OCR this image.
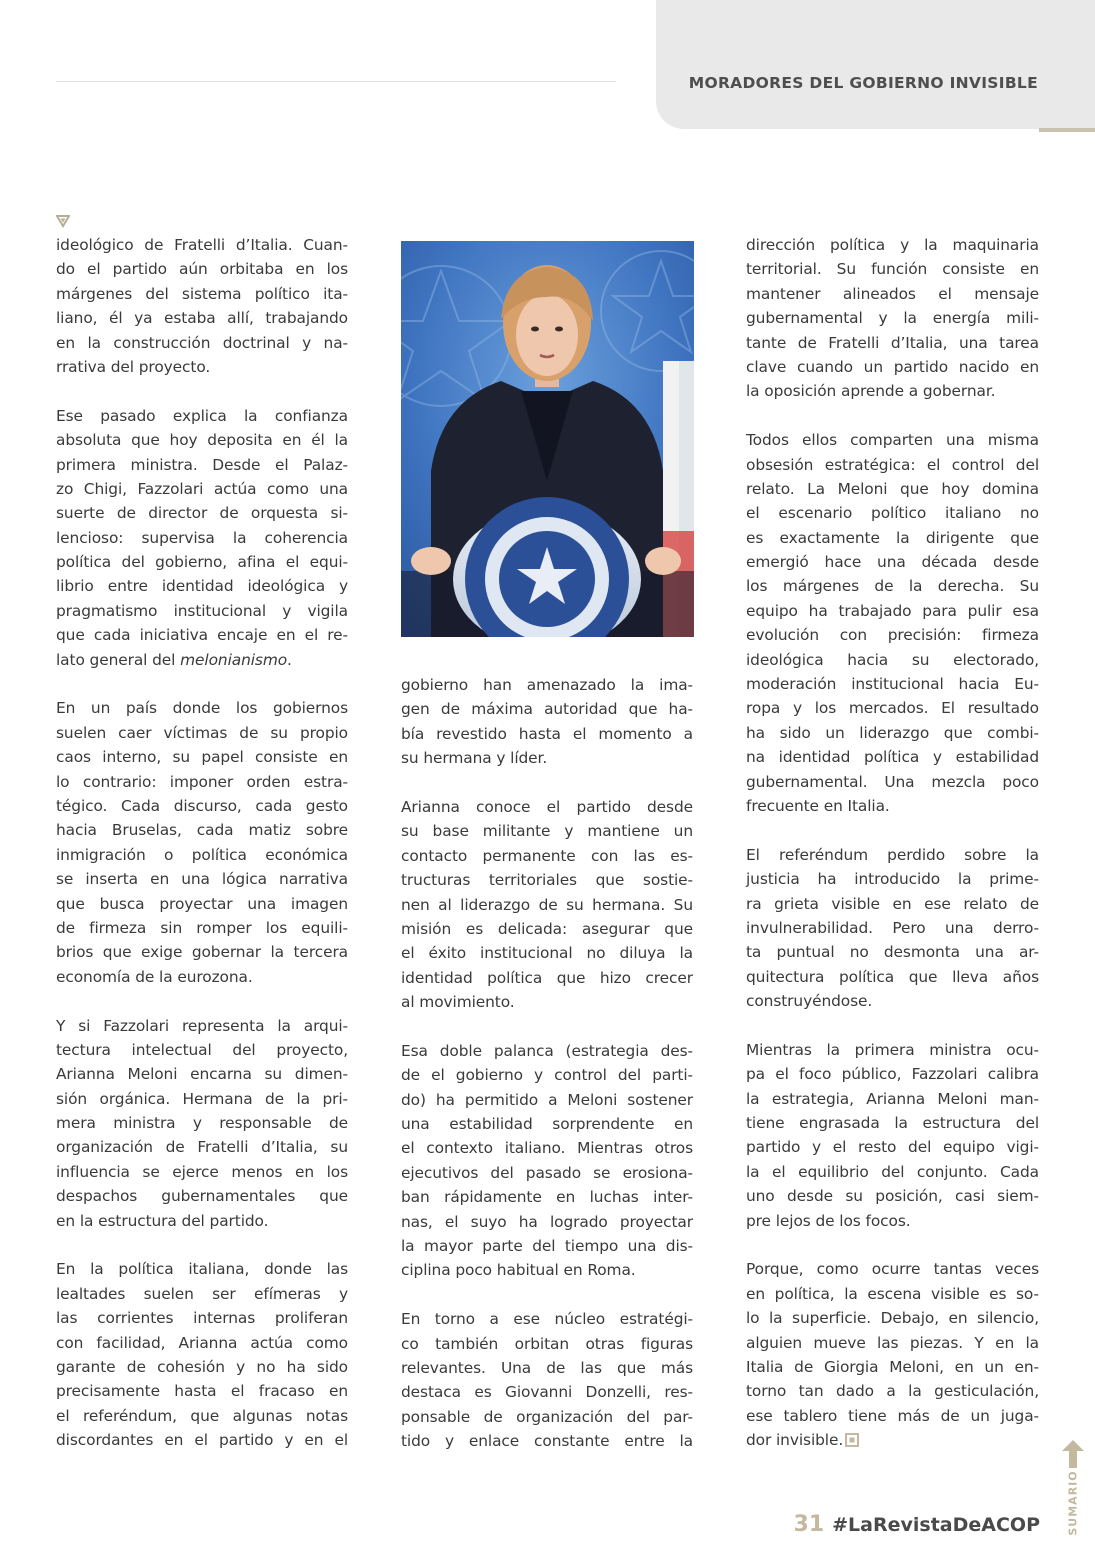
MORADORES DEL GOBIERNO INVISIBLE
ideológico de Fratelli d’Italia. Cuan-
do el partido aún orbitaba en los
márgenes del sistema político ita-
liano, él ya estaba allí, trabajando
en la construcción doctrinal y na-
rrativa del proyecto.
Ese pasado explica la confianza
absoluta que hoy deposita en él la
primera ministra. Desde el Palaz-
zo Chigi, Fazzolari actúa como una
suerte de director de orquesta si-
lencioso: supervisa la coherencia
política del gobierno, afina el equi-
librio entre identidad ideológica y
pragmatismo institucional y vigila
que cada iniciativa encaje en el re-
lato general del melonianismo.
En un país donde los gobiernos
suelen caer víctimas de su propio
caos interno, su papel consiste en
lo contrario: imponer orden estra-
tégico. Cada discurso, cada gesto
hacia Bruselas, cada matiz sobre
inmigración o política económica
se inserta en una lógica narrativa
que busca proyectar una imagen
de firmeza sin romper los equili-
brios que exige gobernar la tercera
economía de la eurozona.
Y si Fazzolari representa la arqui-
tectura intelectual del proyecto,
Arianna Meloni encarna su dimen-
sión orgánica. Hermana de la pri-
mera ministra y responsable de
organización de Fratelli d’Italia, su
influencia se ejerce menos en los
despachos gubernamentales que
en la estructura del partido.
En la política italiana, donde las
lealtades suelen ser efímeras y
las corrientes internas proliferan
con facilidad, Arianna actúa como
garante de cohesión y no ha sido
precisamente hasta el fracaso en
el referéndum, que algunas notas
discordantes en el partido y en el
gobierno han amenazado la ima-
gen de máxima autoridad que ha-
bía revestido hasta el momento a
su hermana y líder.
Arianna conoce el partido desde
su base militante y mantiene un
contacto permanente con las es-
tructuras territoriales que sostie-
nen al liderazgo de su hermana. Su
misión es delicada: asegurar que
el éxito institucional no diluya la
identidad política que hizo crecer
al movimiento.
Esa doble palanca (estrategia des-
de el gobierno y control del parti-
do) ha permitido a Meloni sostener
una estabilidad sorprendente en
el contexto italiano. Mientras otros
ejecutivos del pasado se erosiona-
ban rápidamente en luchas inter-
nas, el suyo ha logrado proyectar
la mayor parte del tiempo una dis-
ciplina poco habitual en Roma.
En torno a ese núcleo estratégi-
co también orbitan otras figuras
relevantes. Una de las que más
destaca es Giovanni Donzelli, res-
ponsable de organización del par-
tido y enlace constante entre la
dirección política y la maquinaria
territorial. Su función consiste en
mantener alineados el mensaje
gubernamental y la energía mili-
tante de Fratelli d’Italia, una tarea
clave cuando un partido nacido en
la oposición aprende a gobernar.
Todos ellos comparten una misma
obsesión estratégica: el control del
relato. La Meloni que hoy domina
el escenario político italiano no
es exactamente la dirigente que
emergió hace una década desde
los márgenes de la derecha. Su
equipo ha trabajado para pulir esa
evolución con precisión: firmeza
ideológica hacia su electorado,
moderación institucional hacia Eu-
ropa y los mercados. El resultado
ha sido un liderazgo que combi-
na identidad política y estabilidad
gubernamental. Una mezcla poco
frecuente en Italia.
El referéndum perdido sobre la
justicia ha introducido la prime-
ra grieta visible en ese relato de
invulnerabilidad. Pero una derro-
ta puntual no desmonta una ar-
quitectura política que lleva años
construyéndose.
Mientras la primera ministra ocu-
pa el foco público, Fazzolari calibra
la estrategia, Arianna Meloni man-
tiene engrasada la estructura del
partido y el resto del equipo vigi-
la el equilibrio del conjunto. Cada
uno desde su posición, casi siem-
pre lejos de los focos.
Porque, como ocurre tantas veces
en política, la escena visible es so-
lo la superficie. Debajo, en silencio,
alguien mueve las piezas. Y en la
Italia de Giorgia Meloni, en un en-
torno tan dado a la gesticulación,
ese tablero tiene más de un juga-
dor invisible.
SUMARIO
31 #LaRevistaDeACOP
